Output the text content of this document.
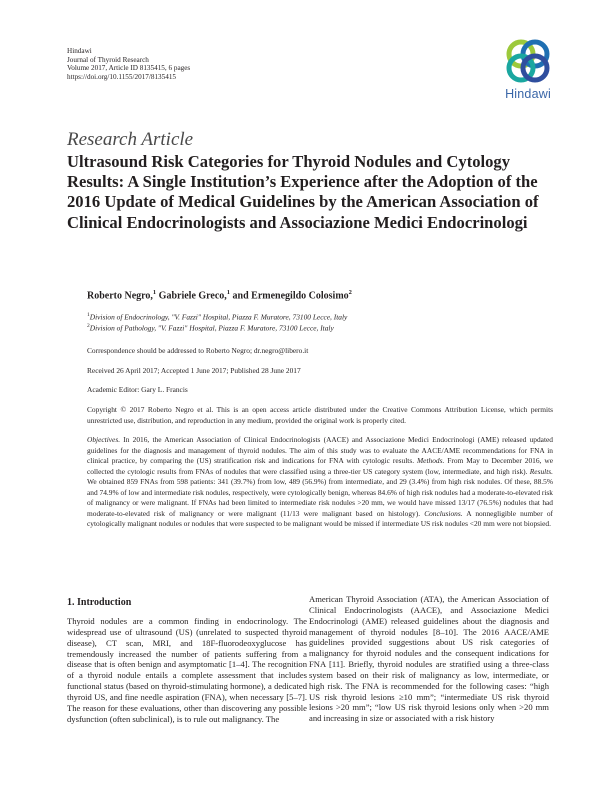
Hindawi
Journal of Thyroid Research
Volume 2017, Article ID 8135415, 6 pages
https://doi.org/10.1155/2017/8135415
Hindawi
Research Article
Ultrasound Risk Categories for Thyroid Nodules and Cytology Results: A Single Institution’s Experience after the Adoption of the 2016 Update of Medical Guidelines by the American Association of Clinical Endocrinologists and Associazione Medici Endocrinologi
Roberto Negro,$^1$ Gabriele Greco,$^1$ and Ermenegildo Colosimo$^2$
$^1$Division of Endocrinology, "V. Fazzi" Hospital, Piazza F. Muratore, 73100 Lecce, Italy
$^2$Division of Pathology, "V. Fazzi" Hospital, Piazza F. Muratore, 73100 Lecce, Italy
Correspondence should be addressed to Roberto Negro; dr.negro@libero.it
Received 26 April 2017; Accepted 1 June 2017; Published 28 June 2017
Academic Editor: Gary L. Francis
Copyright © 2017 Roberto Negro et al. This is an open access article distributed under the Creative Commons Attribution License, which permits unrestricted use, distribution, and reproduction in any medium, provided the original work is properly cited.
Objectives. In 2016, the American Association of Clinical Endocrinologists (AACE) and Associazione Medici Endocrinologi (AME) released updated guidelines for the diagnosis and management of thyroid nodules. The aim of this study was to evaluate the AACE/AME recommendations for FNA in clinical practice, by comparing the (US) stratification risk and indications for FNA with cytologic results. Methods. From May to December 2016, we collected the cytologic results from FNAs of nodules that were classified using a three-tier US category system (low, intermediate, and high risk). Results. We obtained 859 FNAs from 598 patients: 341 (39.7%) from low, 489 (56.9%) from intermediate, and 29 (3.4%) from high risk nodules. Of these, 88.5% and 74.9% of low and intermediate risk nodules, respectively, were cytologically benign, whereas 84.6% of high risk nodules had a moderate-to-elevated risk of malignancy or were malignant. If FNAs had been limited to intermediate risk nodules >20 mm, we would have missed 13/17 (76.5%) nodules that had moderate-to-elevated risk of malignancy or were malignant (11/13 were malignant based on histology). Conclusions. A nonnegligible number of cytologically malignant nodules or nodules that were suspected to be malignant would be missed if intermediate US risk nodules <20 mm were not biopsied.
1. Introduction
Thyroid nodules are a common finding in endocrinology. The widespread use of ultrasound (US) (unrelated to suspected thyroid disease), CT scan, MRI, and 18F-fluorodeoxyglucose has tremendously increased the number of patients suffering from a disease that is often benign and asymptomatic [1–4]. The recognition of a thyroid nodule entails a complete assessment that includes functional status (based on thyroid-stimulating hormone), a dedicated thyroid US, and fine needle aspiration (FNA), when necessary [5–7]. The reason for these evaluations, other than discovering any possible dysfunction (often subclinical), is to rule out malignancy. The
American Thyroid Association (ATA), the American Association of Clinical Endocrinologists (AACE), and Associazione Medici Endocrinologi (AME) released guidelines about the diagnosis and management of thyroid nodules [8–10]. The 2016 AACE/AME guidelines provided suggestions about US risk categories of malignancy for thyroid nodules and the consequent indications for FNA [11]. Briefly, thyroid nodules are stratified using a three-class system based on their risk of malignancy as low, intermediate, or high risk. The FNA is recommended for the following cases: “high US risk thyroid lesions ≥10 mm”; “intermediate US risk thyroid lesions >20 mm”; “low US risk thyroid lesions only when >20 mm and increasing in size or associated with a risk history
